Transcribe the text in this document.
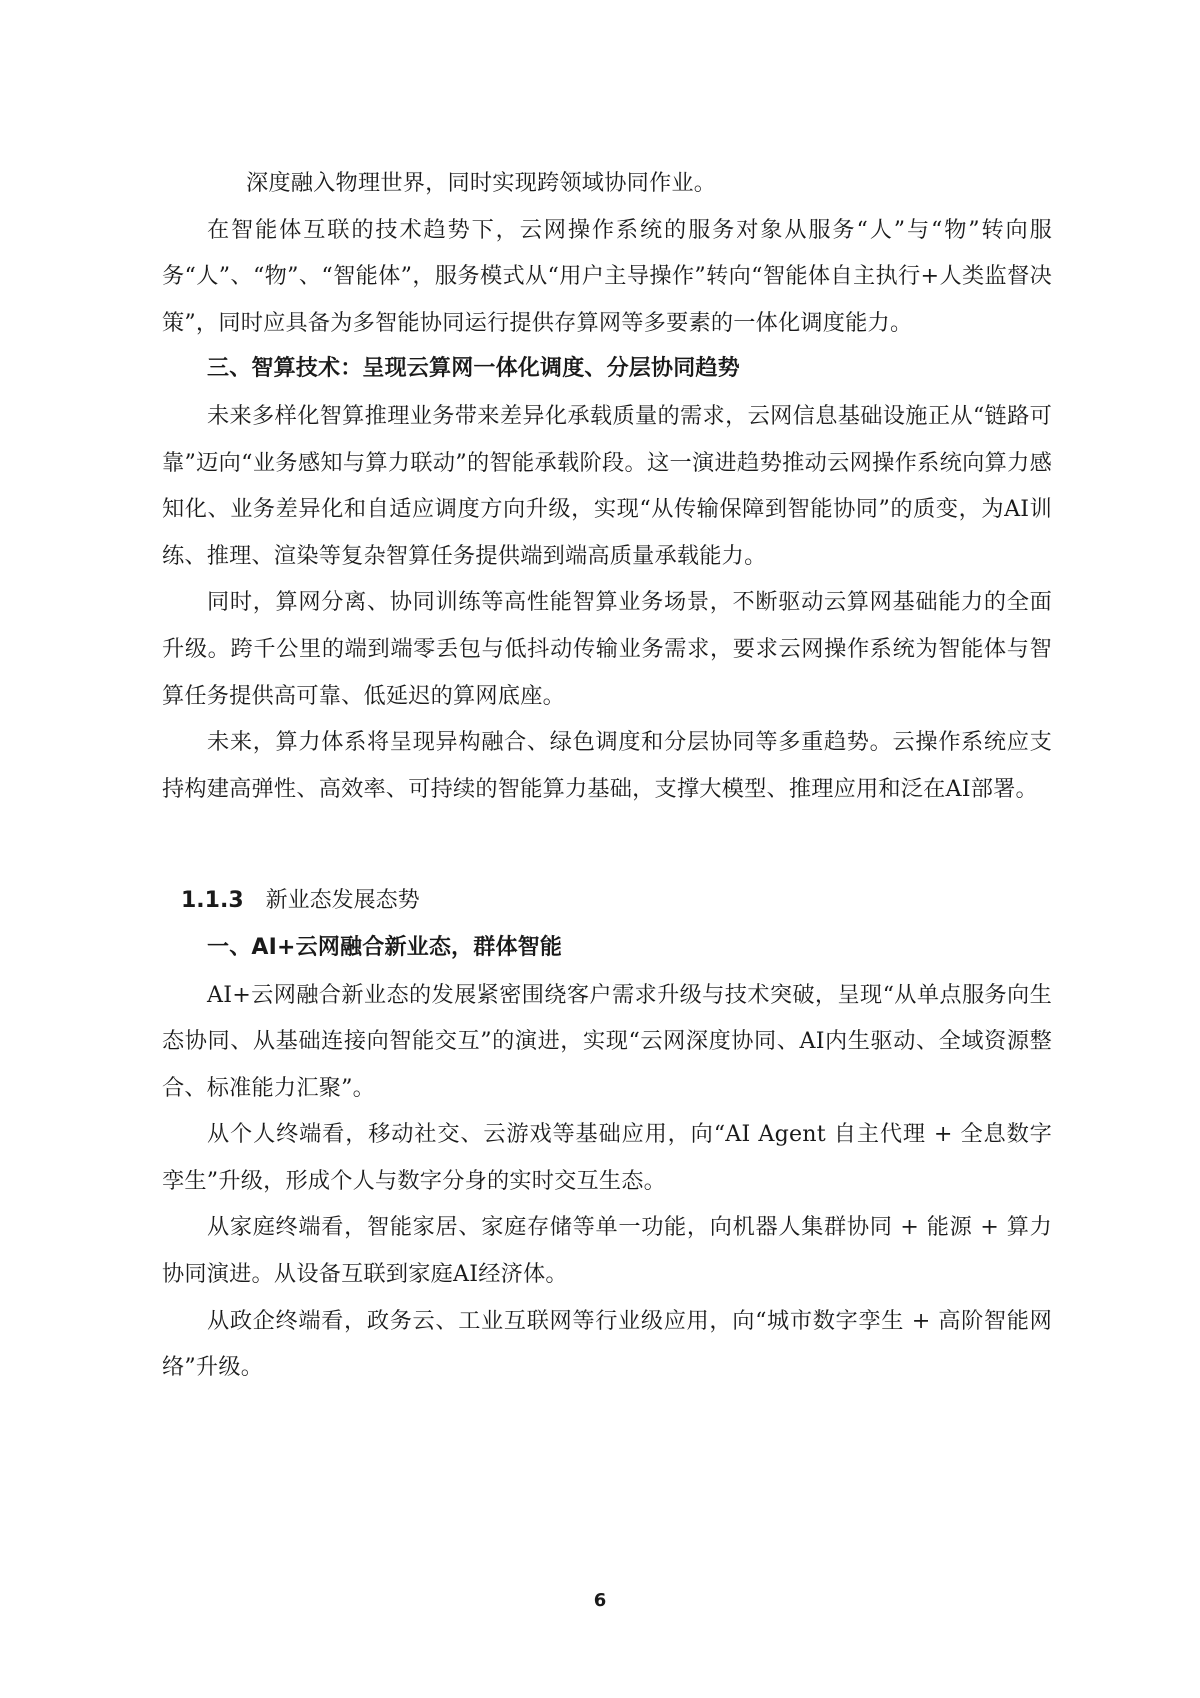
深度融入物理世界，同时实现跨领域协同作业。

在智能体互联的技术趋势下，云网操作系统的服务对象从服务“人”与“物”转向服务“人”、“物”、“智能体”，服务模式从“用户主导操作”转向“智能体自主执行+人类监督决策”，同时应具备为多智能协同运行提供存算网等多要素的一体化调度能力。

三、智算技术：呈现云算网一体化调度、分层协同趋势

未来多样化智算推理业务带来差异化承载质量的需求，云网信息基础设施正从“链路可靠”迈向“业务感知与算力联动”的智能承载阶段。这一演进趋势推动云网操作系统向算力感知化、业务差异化和自适应调度方向升级，实现“从传输保障到智能协同”的质变，为AI训练、推理、渲染等复杂智算任务提供端到端高质量承载能力。

同时，算网分离、协同训练等高性能智算业务场景，不断驱动云算网基础能力的全面升级。跨千公里的端到端零丢包与低抖动传输业务需求，要求云网操作系统为智能体与智算任务提供高可靠、低延迟的算网底座。

未来，算力体系将呈现异构融合、绿色调度和分层协同等多重趋势。云操作系统应支持构建高弹性、高效率、可持续的智能算力基础，支撑大模型、推理应用和泛在AI部署。

1.1.3 新业态发展态势
一、AI+云网融合新业态，群体智能

AI+云网融合新业态的发展紧密围绕客户需求升级与技术突破，呈现“从单点服务向生态协同、从基础连接向智能交互”的演进，实现“云网深度协同、AI内生驱动、全域资源整合、标准能力汇聚”。

从个人终端看，移动社交、云游戏等基础应用，向“AI Agent 自主代理 + 全息数字孪生”升级，形成个人与数字分身的实时交互生态。

从家庭终端看，智能家居、家庭存储等单一功能，向机器人集群协同 + 能源 + 算力协同演进。从设备互联到家庭AI经济体。

从政企终端看，政务云、工业互联网等行业级应用，向“城市数字孪生 + 高阶智能网络”升级。

6
